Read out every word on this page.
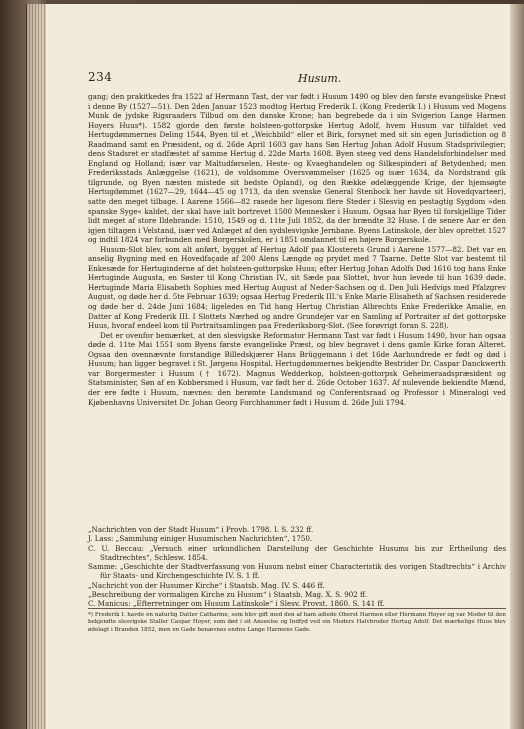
234	Husum.

gang; den prakitkedes fra 1522 af Hermann Tast, der var født i Husum 1490 og blev den første evangeliske Præst i denne By (1527—51). Den 2den Januar 1523 modtog Hertug Frederik I. (Kong Frederik I.) i Husum ved Mogens Munk de jydske Rigsraaders Tilbud om den danske Krone; han begrebede da i sin Svigerion Lange Harmen Hoyers Huus*). 1582 gjorde den første holsteen-gottorpske Hertug Adolf, hvem Husum var tilfaldet ved Hertugdømmernes Deling 1544, Byen til et „Weichbild“ eller et Birk, forsynet med sit sin egen Jurisdiction og 8 Raadmand samt en Præsident, og d. 26de April 1603 gav hans Søn Hertug Johan Adolf Husum Stadsprivilegier; dens Stadsret er stadfæstet af samme Hertug d. 22de Marts 1608. Byen steeg ved dens Handelsforbindelser med England og Holland; især var Maltudførselen, Heste- og Kvaeghandelen og Silkespinderi af Betydenhed; men Frederiksstads Anlæggelse (1621), de voldsomme Oversvømmelser (1625 og især 1634, da Nordstrand gik tilgrunde, og Byen næsten mistede sit bedste Opland), og den Række ødelæggende Krige, der hjemsøgte Hertugdømmet (1627—29, 1644—45 og 1713, da den svenske General Stenbock her havde sit Hovedqvarteer), satte den meget tilbage. I Aarene 1566—82 rasede her ligesom flere Steder i Slesvig en pestagtig Sygdom »den spanske Syge« kaldet, der skal have ialt bortrevet 1500 Mennesker i Husum. Ogsaa har Byen til forskjellige Tider lidt meget af store Ildebrande: 1510, 1549 og d. 11te Juli 1852, da der brændte 32 Huse. I de senere Aar er den igjen tiltagen i Velstand, især ved Anlæget af den sydslesvigske Jernbane. Byens Latinskole, der blev oprettet 1527 og indtil 1824 var forbunden med Borgerskolen, er i 1851 omdannet til en højere Borgerskole.

Husum-Slot blev, som alt anført, bygget af Hertug Adolf paa Klosterets Grund i Aarene 1577—82. Det var en anselig Bygning med en Hovedfaçade af 200 Alens Længde og prydet med 7 Taarne. Dette Slot var bestemt til Enkesæde for Hertuginderne af det holsteen-gottorpske Huus; efter Hertug Johan Adolfs Død 1616 tog hans Enke Hertuginde Augusta, en Søster til Kong Christian IV., sit Sæde paa Slottet, hvor hun levede til hun 1639 døde. Hertuginde Maria Elisabeth Sophies med Hertug August af Neder-Sachsen og d. Den Juli Hedvigs med Pfalzgrev August, og døde her d. 5te Februar 1639; ogsaa Hertug Frederik III.'s Enke Marie Elisabeth af Sachsen residerede og døde her d. 24de Juni 1684; ligeledes en Tid hang Hertug Christian Albrechts Enke Frederikke Amalie, en Datter af Kong Frederik III. I Slottets Nærhed og andre Grundejer var en Samling af Portraiter af det gottorpske Huus, hvoraf endeel kom til Portraitsamlingen paa Frederiksborg-Slot. (See forøvrigt foran S. 228).

Det er ovenfor bemærket, at den slesvigske Reformator Hermann Tast var født i Husum 1490, hvor han ogsaa døde d. 11te Mai 1551 som Byens første evangeliske Præst, og blev begravet i dens gamle Kirke foran Alteret. Ogsaa den ovennævnte forstandige Billedskjærer Hans Brüggemann i det 16de Aarhundrede er født og død i Husum; han ligger begravet i St. Jørgens Hospital. Hertugdømmernes bekjendte Bestrider Dr. Caspar Danckwerth var Borgermester i Husum († 1672). Magnus Wedderkop, holsteen-gottorpsk Geheimeraadspræsident og Statsminister, Søn af en Kobbersmed i Husum, var født her d. 26de October 1637. Af nulevende bekiendte Mænd, der ere fødte i Husum, nævnes: den berømte Landsmand og Conferentsraad og Professor i Mineralogi ved Kjøbenhavns Universitet Dr. Johan Georg Forchhammer født i Husum d. 26de Juli 1794.

„Nachrichten von der Stadt Husum“ i Provb. 1798. I. S. 232 ff.

J. Lass: „Sammlung einiger Husumischen Nachrichten“, 1750.

C. U. Beccau: „Versuch einer urkundlichen Darstellung der Geschichte Husums bis zur Ertheilung des Stadtrechtes“, Schlesw. 1854.

Samme: „Geschichte der Stadtverfassung von Husum nebst einer Characteristik des vorigen Stadtrechts“ i Archiv für Staats- und Kirchengeschichte IV. S. 1 ff.

„Nachricht von der Husumer Kirche“ i Staatsb. Mag. IV. S. 446 ff.

„Beschreibung der vormaligen Kirche zu Husum“ i Staatsb. Mag. X. S. 902 ff.

C. Manicus: „Efterretninger om Husum Latinskole“ i Slesv. Provst. 1860. S. 141 ff.

*) Frederik I. havde en naturlig Datter Catharine, som blev gift med den af ham adlede Oberst Harmen eller Hermann Hoyer og var Moder til den bekjendte slesvigske Staller Caspar Hoyer, som død i sit Anseelse og Indfyd ved sin Moders Halvbroder Hertug Adolf. Det mærkelige Huus blev ødelagt i Branden 1852, men en Gade benævnes endnu Lange Harmens Gade.
